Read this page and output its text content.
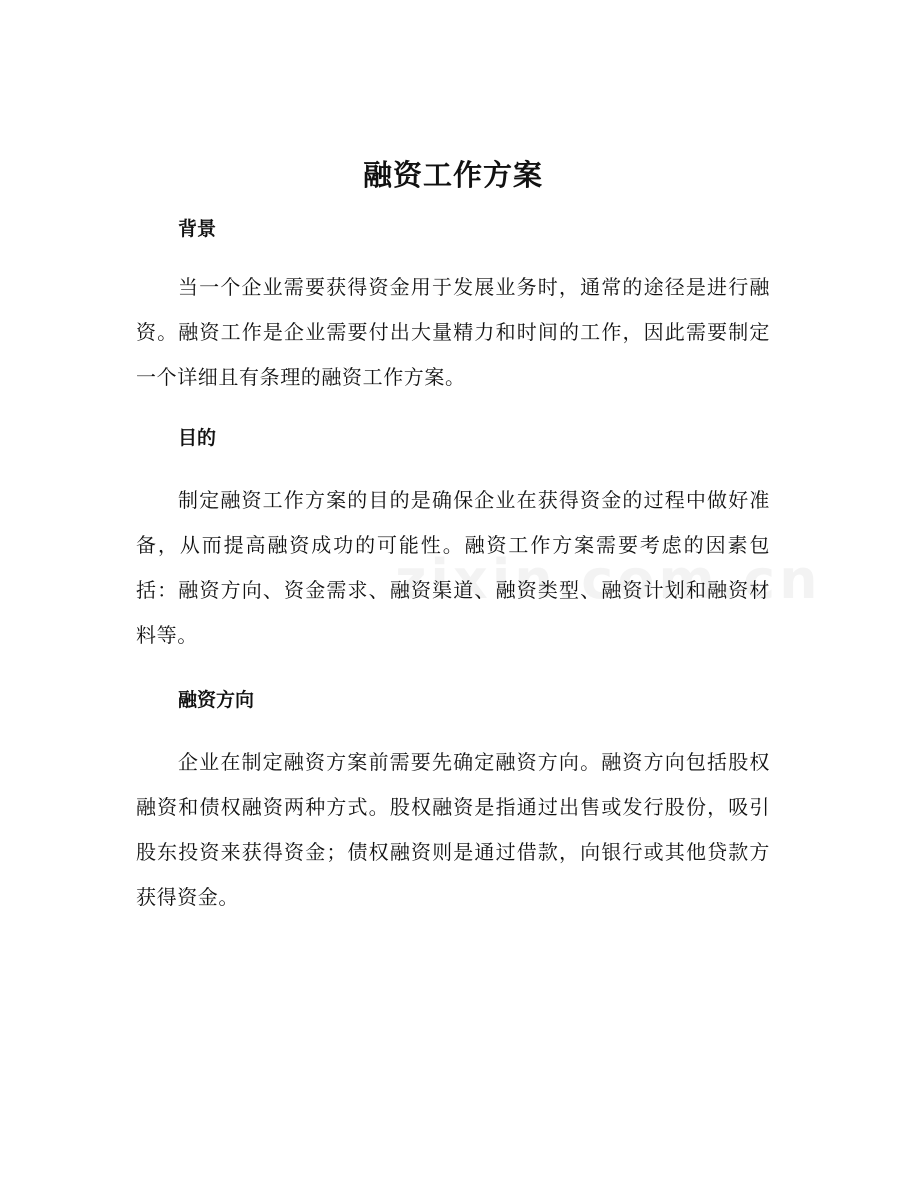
融资工作方案
背景

当一个企业需要获得资金用于发展业务时，通常的途径是进行融资。融资工作是企业需要付出大量精力和时间的工作，因此需要制定一个详细且有条理的融资工作方案。

目的

制定融资工作方案的目的是确保企业在获得资金的过程中做好准备，从而提高融资成功的可能性。融资工作方案需要考虑的因素包括：融资方向、资金需求、融资渠道、融资类型、融资计划和融资材料等。

融资方向

企业在制定融资方案前需要先确定融资方向。融资方向包括股权融资和债权融资两种方式。股权融资是指通过出售或发行股份，吸引股东投资来获得资金；债权融资则是通过借款，向银行或其他贷款方获得资金。
